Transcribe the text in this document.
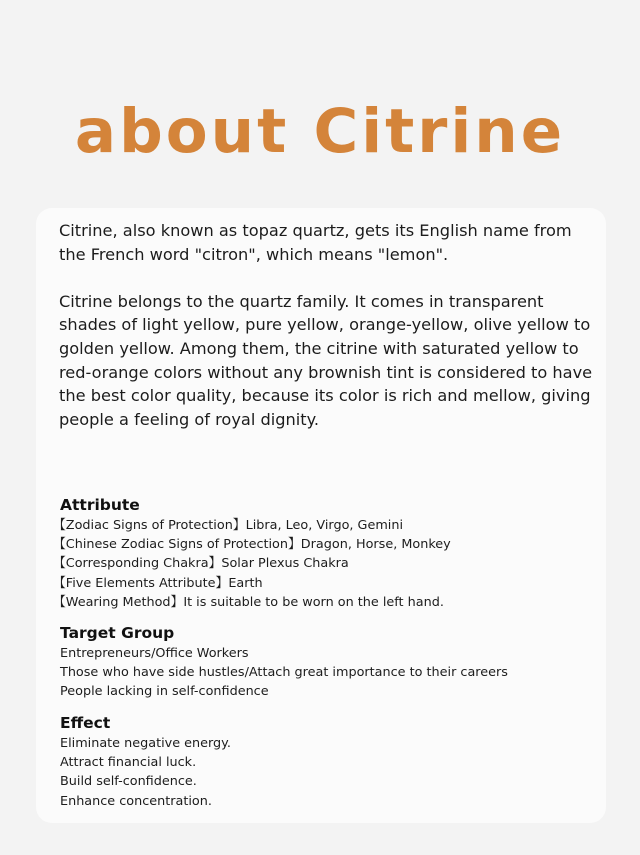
about Citrine

Citrine, also known as topaz quartz, gets its English name from the French word "citron", which means "lemon".

Citrine belongs to the quartz family. It comes in transparent shades of light yellow, pure yellow, orange-yellow, olive yellow to golden yellow. Among them, the citrine with saturated yellow to red-orange colors without any brownish tint is considered to have the best color quality, because its color is rich and mellow, giving people a feeling of royal dignity.

Attribute
【Zodiac Signs of Protection】Libra, Leo, Virgo, Gemini
【Chinese Zodiac Signs of Protection】Dragon, Horse, Monkey
【Corresponding Chakra】Solar Plexus Chakra
【Five Elements Attribute】Earth
【Wearing Method】It is suitable to be worn on the left hand.
Target Group
Entrepreneurs/Office Workers
Those who have side hustles/Attach great importance to their careers
People lacking in self-confidence
Effect
Eliminate negative energy.
Attract financial luck.
Build self-confidence.
Enhance concentration.
